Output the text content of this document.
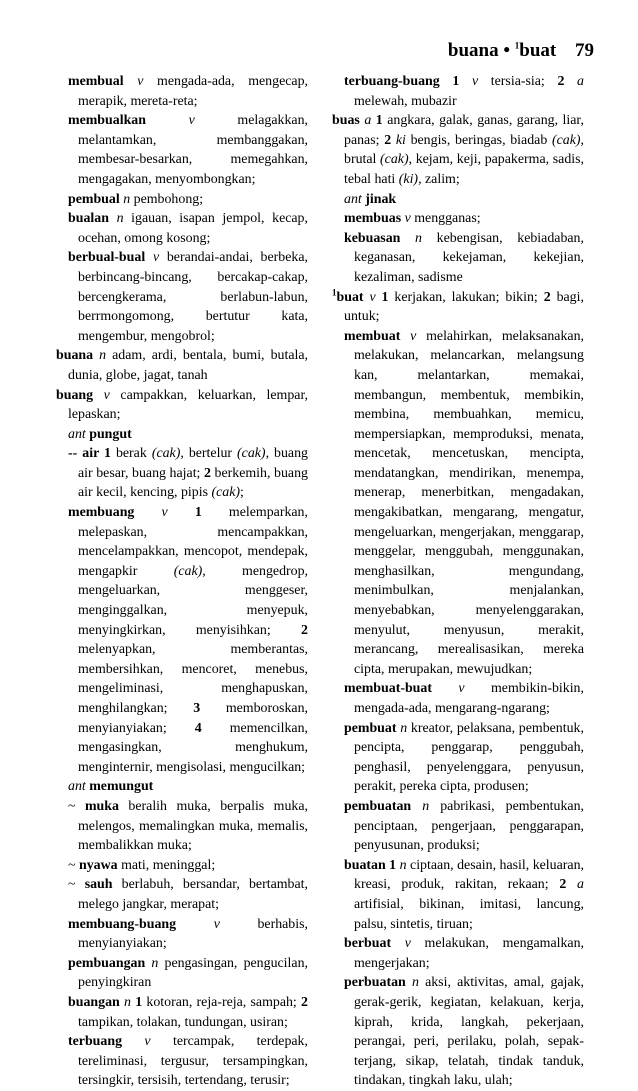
buana • $^1$buat 79

membual v mengada-ada, mengecap, merapik, mereta-reta;

membualkan	v melagakkan, melantamkan, membanggakan, membesar-besarkan, memegahkan, mengagakan, menyombongkan;

pembual n pembohong;

bualan n igauan, isapan jempol, kecap, ocehan, omong kosong;

berbual-bual v berandai-andai, berbeka, berbincang-bincang, bercakap-cakap, bercengkerama, berlabun-labun, berrmongomong, bertutur kata, mengembur, mengobrol;

buana n adam, ardi, bentala, bumi, butala, dunia, globe, jagat, tanah

buang v campakkan, keluarkan, lempar, lepaskan;

ant pungut

-- air 1 berak (cak), bertelur (cak), buang air besar, buang hajat; 2 berkemih, buang air kecil, kencing, pipis (cak);

membuang v 1 melemparkan, melepaskan, mencampakkan, mencelampakkan, mencopot, mendepak, mengapkir (cak), mengedrop, mengeluarkan, menggeser, menginggalkan, menyepuk, menyingkirkan, menyisihkan; 2 melenyapkan, memberantas, membersihkan, mencoret, menebus, mengeliminasi, menghapuskan, menghilangkan; 3 memboroskan, menyianyiakan; 4 memencilkan, mengasingkan, menghukum, menginternir, mengisolasi, mengucilkan;

ant memungut

~ muka beralih muka, berpalis muka, melengos, memalingkan muka, memalis, membalikkan muka;

~ nyawa mati, meninggal;

~ sauh berlabuh, bersandar, bertambat, melego jangkar, merapat;

membuang-buang	v berhabis, menyianyiakan;

pembuangan n pengasingan, pengucilan, penyingkiran

buangan n 1 kotoran, reja-reja, sampah; 2 tampikan, tolakan, tundungan, usiran;

terbuang v tercampak, terdepak, tereliminasi, tergusur, tersampingkan, tersingkir, tersisih, tertendang, terusir;

terbuang-buang 1 v tersia-sia; 2 a melewah, mubazir

buas a 1 angkara, galak, ganas, garang, liar, panas; 2 ki bengis, beringas, biadab (cak), brutal (cak), kejam, keji, papakerma, sadis, tebal hati (ki), zalim;

ant jinak

membuas v mengganas;

kebuasan n kebengisan, kebiadaban, keganasan, kekejaman, kekejian, kezaliman, sadisme

$^1$buat v 1 kerjakan, lakukan; bikin; 2 bagi, untuk;

membuat v melahirkan, melaksanakan, melakukan, melancarkan, melangsung kan, melantarkan, memakai, membangun, membentuk, membikin, membina, membuahkan, memicu, mempersiapkan, memproduksi, menata, mencetak, mencetuskan, mencipta, mendatangkan, mendirikan, menempa, menerap, menerbitkan, mengadakan, mengakibatkan, mengarang, mengatur, mengeluarkan, mengerjakan, menggarap, menggelar, menggubah, menggunakan, menghasilkan, mengundang, menimbulkan, menjalankan, menyebabkan, menyelenggarakan, menyulut, menyusun, merakit, merancang, merealisasikan, mereka cipta, merupakan, mewujudkan;

membuat-buat v membikin-bikin, mengada-ada, mengarang-ngarang;

pembuat n kreator, pelaksana, pembentuk, pencipta, penggarap, penggubah, penghasil, penyelenggara, penyusun, perakit, pereka cipta, produsen;

pembuatan n pabrikasi, pembentukan, penciptaan, pengerjaan, penggarapan, penyusunan, produksi;

buatan 1 n ciptaan, desain, hasil, keluaran, kreasi, produk, rakitan, rekaan; 2 a artifisial, bikinan, imitasi, lancung, palsu, sintetis, tiruan;

berbuat v melakukan, mengamalkan, mengerjakan;

perbuatan n aksi, aktivitas, amal, gajak, gerak-gerik, kegiatan, kelakuan, kerja, kiprah, krida, langkah, pekerjaan, perangai, peri, perilaku, polah, sepak-terjang, sikap, telatah, tindak tanduk, tindakan, tingkah laku, ulah;
